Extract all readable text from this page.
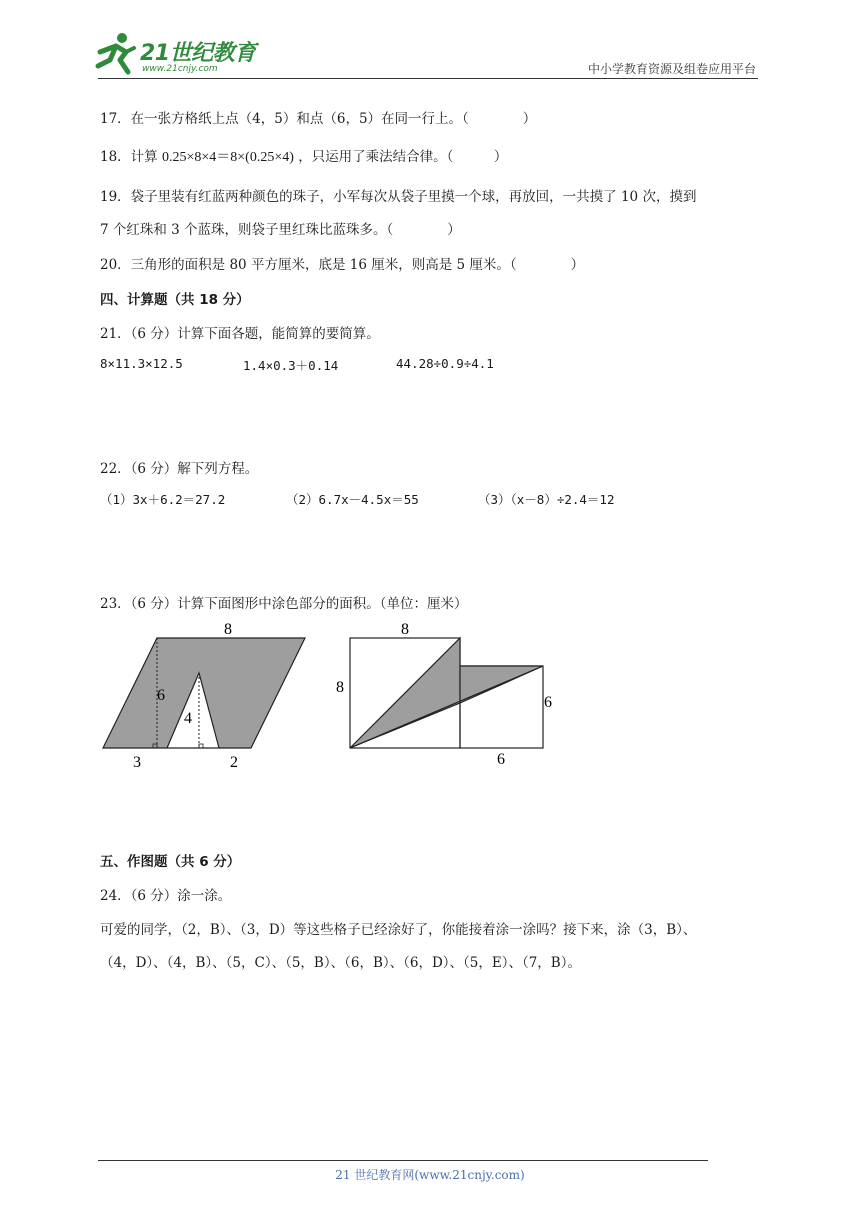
21世纪教育
www.21cnjy.com	中小学教育资源及组卷应用平台
17．在一张方格纸上点（4，5）和点（6，5）在同一行上。（　　　　）
18．计算 0.25×8×4＝8×(0.25×4) ，只运用了乘法结合律。（　　　）
19．袋子里装有红蓝两种颜色的珠子，小军每次从袋子里摸一个球，再放回，一共摸了 10 次，摸到
7 个红珠和 3 个蓝珠，则袋子里红珠比蓝珠多。（　　　　）
20．三角形的面积是 80 平方厘米，底是 16 厘米，则高是 5 厘米。（　　　　）
四、计算题（共 18 分）
21．（6 分）计算下面各题，能简算的要简算。
8×11.3×12.5	1.4×0.3＋0.14	44.28÷0.9÷4.1
22．（6 分）解下列方程。
（1）3x＋6.2＝27.2	（2）6.7x－4.5x＝55	（3）（x－8）÷2.4＝12
23．（6 分）计算下面图形中涂色部分的面积。（单位：厘米）
8
6
4
3	2
8
8
6
6
五、作图题（共 6 分）
24．（6 分）涂一涂。
可爱的同学，（2，B）、（3，D）等这些格子已经涂好了，你能接着涂一涂吗？接下来，涂（3，B）、
（4，D）、（4，B）、（5，C）、（5，B）、（6，B）、（6，D）、（5，E）、（7，B）。
21 世纪教育网(www.21cnjy.com)
